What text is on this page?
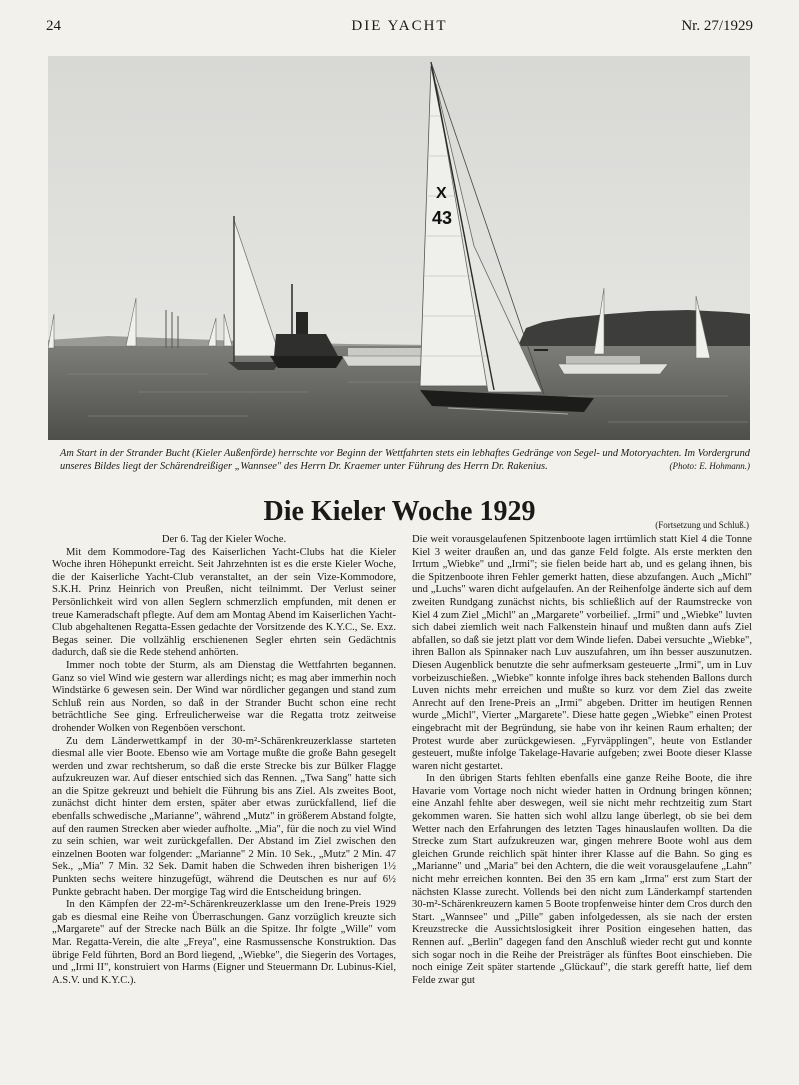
24	DIE YACHT	Nr. 27/1929
X
43
Am Start in der Strander Bucht (Kieler Außenförde) herrschte vor Beginn der Wettfahrten stets ein lebhaftes Gedränge von Segel- und Motoryachten. Im Vordergrund unseres Bildes liegt der Schärendreißiger „Wannsee" des Herrn Dr. Kraemer unter Führung des Herrn Dr. Rakenius.	(Photo: E. Hohmann.)
Die Kieler Woche 1929	(Fortsetzung und Schluß.)

Der 6. Tag der Kieler Woche.

Mit dem Kommodore-Tag des Kaiserlichen Yacht-Clubs hat die Kieler Woche ihren Höhepunkt erreicht. Seit Jahrzehnten ist es die erste Kieler Woche, die der Kaiserliche Yacht-Club veranstaltet, an der sein Vize-Kommodore, S.K.H. Prinz Heinrich von Preußen, nicht teilnimmt. Der Verlust seiner Persönlichkeit wird von allen Seglern schmerzlich empfunden, mit denen er treue Kameradschaft pflegte. Auf dem am Montag Abend im Kaiserlichen Yacht-Club abgehaltenen Regatta-Essen gedachte der Vorsitzende des K.Y.C., Se. Exz. Begas seiner. Die vollzählig erschienenen Segler ehrten sein Gedächtnis dadurch, daß sie die Rede stehend anhörten.

Immer noch tobte der Sturm, als am Dienstag die Wettfahrten begannen. Ganz so viel Wind wie gestern war allerdings nicht; es mag aber immerhin noch Windstärke 6 gewesen sein. Der Wind war nördlicher gegangen und stand zum Schluß rein aus Norden, so daß in der Strander Bucht schon eine recht beträchtliche See ging. Erfreulicherweise war die Regatta trotz zeitweise drohender Wolken von Regenböen verschont.

Zu dem Länderwettkampf in der 30-m²-Schärenkreuzerklasse starteten diesmal alle vier Boote. Ebenso wie am Vortage mußte die große Bahn gesegelt werden und zwar rechtsherum, so daß die erste Strecke bis zur Bülker Flagge aufzukreuzen war. Auf dieser entschied sich das Rennen. „Twa Sang" hatte sich an die Spitze gekreuzt und behielt die Führung bis ans Ziel. Als zweites Boot, zunächst dicht hinter dem ersten, später aber etwas zurückfallend, lief die ebenfalls schwedische „Marianne", während „Mutz" in größerem Abstand folgte, auf den raumen Strecken aber wieder aufholte. „Mia", für die noch zu viel Wind zu sein schien, war weit zurückgefallen. Der Abstand im Ziel zwischen den einzelnen Booten war folgender: „Marianne" 2 Min. 10 Sek., „Mutz" 2 Min. 47 Sek., „Mia" 7 Min. 32 Sek. Damit haben die Schweden ihren bisherigen 1½ Punkten sechs weitere hinzugefügt, während die Deutschen es nur auf 6½ Punkte gebracht haben. Der morgige Tag wird die Entscheidung bringen.

In den Kämpfen der 22-m²-Schärenkreuzerklasse um den Irene-Preis 1929 gab es diesmal eine Reihe von Überraschungen. Ganz vorzüglich kreuzte sich „Margarete" auf der Strecke nach Bülk an die Spitze. Ihr folgte „Wille" vom Mar. Regatta-Verein, die alte „Freya", eine Rasmussensche Konstruktion. Das übrige Feld führten, Bord an Bord liegend, „Wiebke", die Siegerin des Vortages, und „Irmi II", konstruiert von Harms (Eigner und Steuermann Dr. Lubinus-Kiel, A.S.V. und K.Y.C.).

Die weit vorausgelaufenen Spitzenboote lagen irrtümlich statt Kiel 4 die Tonne Kiel 3 weiter draußen an, und das ganze Feld folgte. Als erste merkten den Irrtum „Wiebke" und „Irmi"; sie fielen beide hart ab, und es gelang ihnen, bis die Spitzenboote ihren Fehler gemerkt hatten, diese abzufangen. Auch „Michl" und „Luchs" waren dicht aufgelaufen. An der Reihenfolge änderte sich auf dem zweiten Rundgang zunächst nichts, bis schließlich auf der Raumstrecke von Kiel 4 zum Ziel „Michl" an „Margarete" vorbeilief. „Irmi" und „Wiebke" luvten sich dabei ziemlich weit nach Falkenstein hinauf und mußten dann aufs Ziel abfallen, so daß sie jetzt platt vor dem Winde liefen. Dabei versuchte „Wiebke", ihren Ballon als Spinnaker nach Luv auszufahren, um ihn besser auszunutzen. Diesen Augenblick benutzte die sehr aufmerksam gesteuerte „Irmi", um in Luv vorbeizuschießen. „Wiebke" konnte infolge ihres back stehenden Ballons durch Luven nichts mehr erreichen und mußte so kurz vor dem Ziel das zweite Anrecht auf den Irene-Preis an „Irmi" abgeben. Dritter im heutigen Rennen wurde „Michl", Vierter „Margarete". Diese hatte gegen „Wiebke" einen Protest eingebracht mit der Begründung, sie habe von ihr keinen Raum erhalten; der Protest wurde aber zurückgewiesen. „Fyrväpplingen", heute von Estlander gesteuert, mußte infolge Takelage-Havarie aufgeben; zwei Boote dieser Klasse waren nicht gestartet.

In den übrigen Starts fehlten ebenfalls eine ganze Reihe Boote, die ihre Havarie vom Vortage noch nicht wieder hatten in Ordnung bringen können; eine Anzahl fehlte aber deswegen, weil sie nicht mehr rechtzeitig zum Start gekommen waren. Sie hatten sich wohl allzu lange überlegt, ob sie bei dem Wetter nach den Erfahrungen des letzten Tages hinauslaufen wollten. Da die Strecke zum Start aufzukreuzen war, gingen mehrere Boote wohl aus dem gleichen Grunde reichlich spät hinter ihrer Klasse auf die Bahn. So ging es „Marianne" und „Maria" bei den Achtern, die die weit vorausgelaufene „Lahn" nicht mehr erreichen konnten. Bei den 35 ern kam „Irma" erst zum Start der nächsten Klasse zurecht. Vollends bei den nicht zum Länderkampf startenden 30-m²-Schärenkreuzern kamen 5 Boote tropfenweise hinter dem Cros durch den Start. „Wannsee" und „Pille" gaben infolgedessen, als sie nach der ersten Kreuzstrecke die Aussichtslosigkeit ihrer Position eingesehen hatten, das Rennen auf. „Berlin" dagegen fand den Anschluß wieder recht gut und konnte sich sogar noch in die Reihe der Preisträger als fünftes Boot einschieben. Die noch einige Zeit später startende „Glückauf", die stark gerefft hatte, lief dem Felde zwar gut
